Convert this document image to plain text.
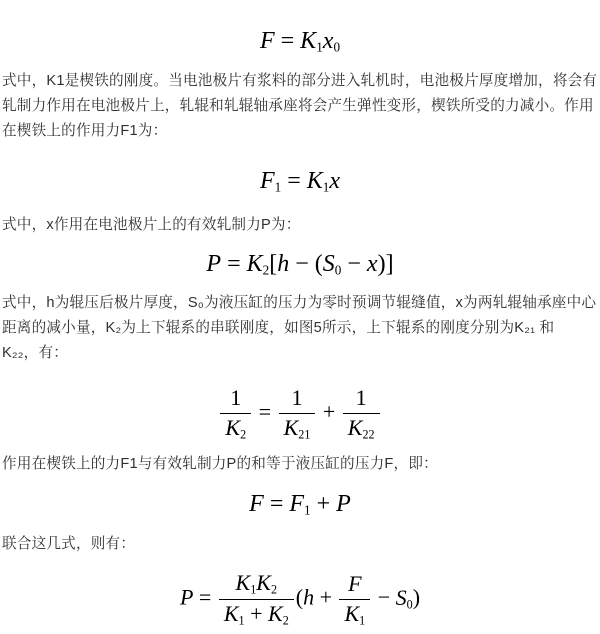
F = K1x0
式中，K1是楔铁的刚度。当电池极片有浆料的部分进入轧机时，电池极片厚度增加，将会有
轧制力作用在电池极片上，轧辊和轧辊轴承座将会产生弹性变形，楔铁所受的力减小。作用
在楔铁上的作用力F1为：
F1 = K1x
式中，x作用在电池极片上的有效轧制力P为：
P = K2[h − (S0 − x)]
式中，h为辊压后极片厚度，S₀为液压缸的压力为零时预调节辊缝值，x为两轧辊轴承座中心
距离的减小量，K₂为上下辊系的串联刚度，如图5所示，上下辊系的刚度分别为K₂₁ 和
K₂₂，有：
$\frac{1}{K2} = \frac{1}{K21} + \frac{1}{K22}$
作用在楔铁上的力F1与有效轧制力P的和等于液压缸的压力F，即：
F = F1 + P
联合这几式，则有：
$P = \frac{K1K2}{K1 + K2} (h + \frac{F}{K1} - S0)$
